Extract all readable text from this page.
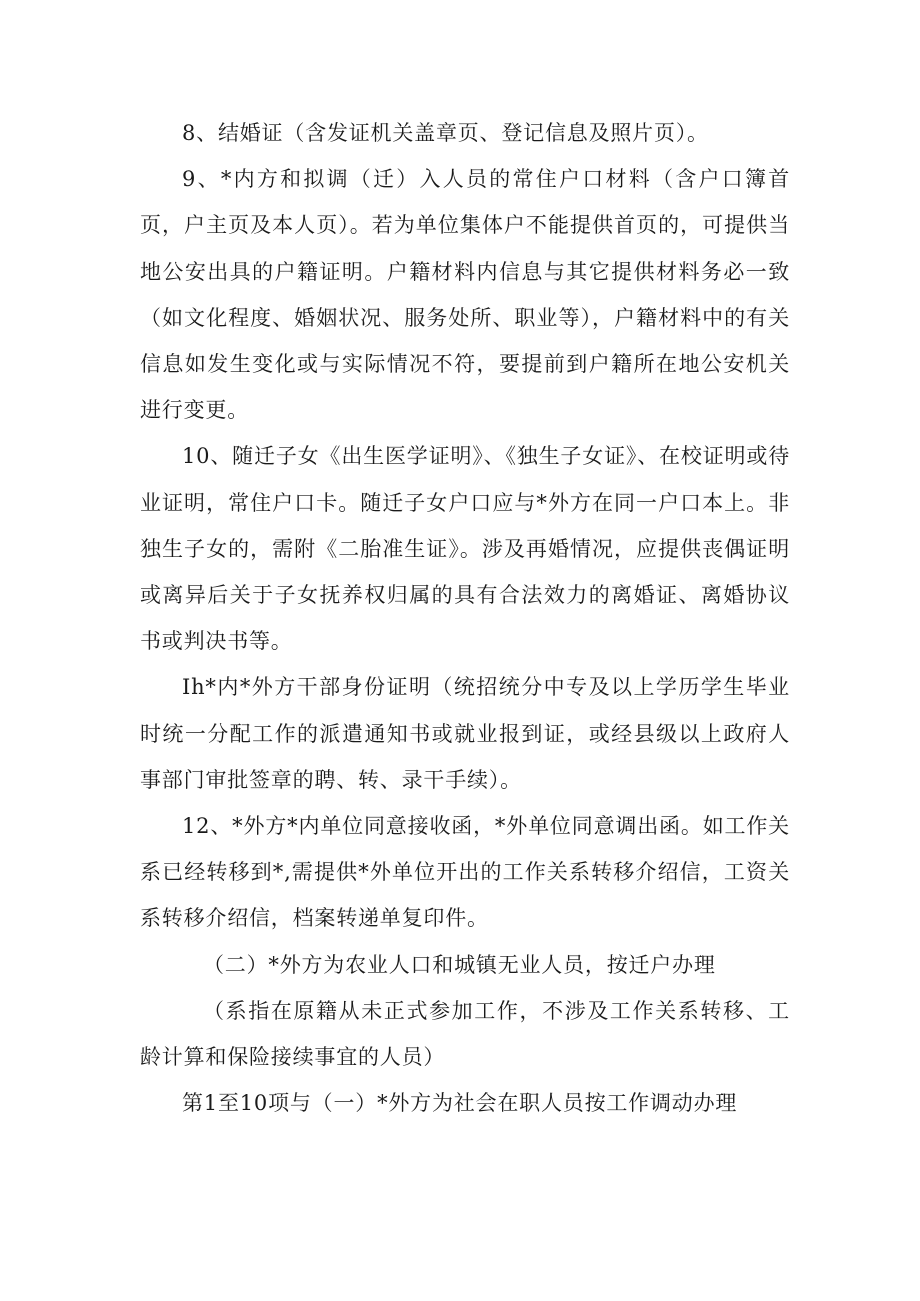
8、结婚证（含发证机关盖章页、登记信息及照片页）。

9、*内方和拟调（迁）入人员的常住户口材料（含户口簿首页，户主页及本人页）。若为单位集体户不能提供首页的，可提供当地公安出具的户籍证明。户籍材料内信息与其它提供材料务必一致（如文化程度、婚姻状况、服务处所、职业等），户籍材料中的有关信息如发生变化或与实际情况不符，要提前到户籍所在地公安机关进行变更。

10、随迁子女《出生医学证明》、《独生子女证》、在校证明或待业证明，常住户口卡。随迁子女户口应与*外方在同一户口本上。非独生子女的，需附《二胎准生证》。涉及再婚情况，应提供丧偶证明或离异后关于子女抚养权归属的具有合法效力的离婚证、离婚协议书或判决书等。

Ih*内*外方干部身份证明（统招统分中专及以上学历学生毕业时统一分配工作的派遣通知书或就业报到证，或经县级以上政府人事部门审批签章的聘、转、录干手续）。

12、*外方*内单位同意接收函，*外单位同意调出函。如工作关系已经转移到*,需提供*外单位开出的工作关系转移介绍信，工资关系转移介绍信，档案转递单复印件。

（二）*外方为农业人口和城镇无业人员，按迁户办理

（系指在原籍从未正式参加工作，不涉及工作关系转移、工龄计算和保险接续事宜的人员）

第1至10项与（一）*外方为社会在职人员按工作调动办理
